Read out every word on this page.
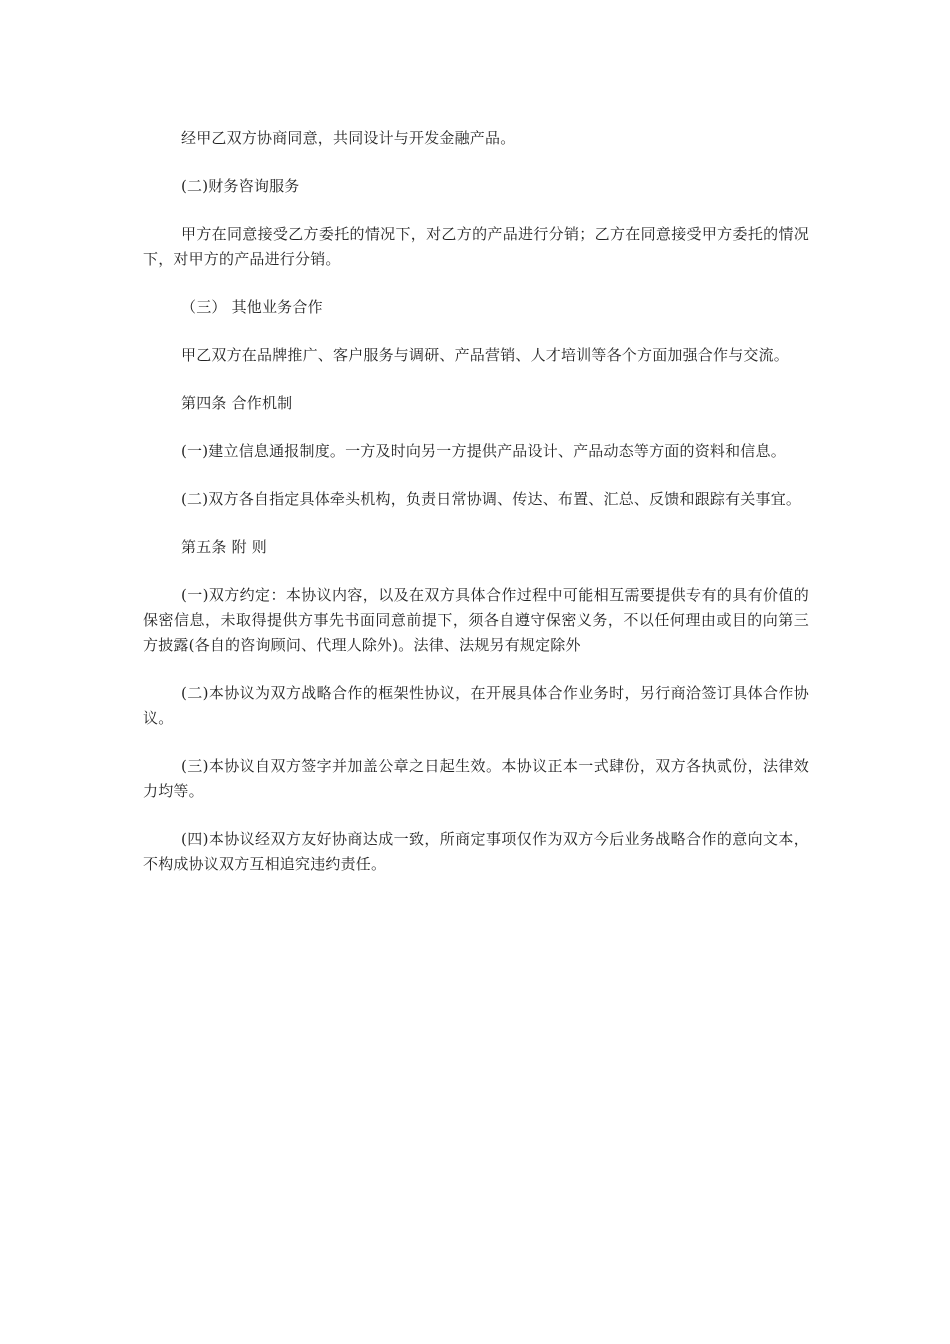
经甲乙双方协商同意，共同设计与开发金融产品。

(二)财务咨询服务

甲方在同意接受乙方委托的情况下，对乙方的产品进行分销；乙方在同意接受甲方委托的情况下，对甲方的产品进行分销。

（三） 其他业务合作

甲乙双方在品牌推广、客户服务与调研、产品营销、人才培训等各个方面加强合作与交流。

第四条 合作机制

(一)建立信息通报制度。一方及时向另一方提供产品设计、产品动态等方面的资料和信息。

(二)双方各自指定具体牵头机构，负责日常协调、传达、布置、汇总、反馈和跟踪有关事宜。

第五条 附 则

(一)双方约定：本协议内容，以及在双方具体合作过程中可能相互需要提供专有的具有价值的保密信息，未取得提供方事先书面同意前提下，须各自遵守保密义务，不以任何理由或目的向第三方披露(各自的咨询顾问、代理人除外)。法律、法规另有规定除外

(二)本协议为双方战略合作的框架性协议，在开展具体合作业务时，另行商洽签订具体合作协议。

(三)本协议自双方签字并加盖公章之日起生效。本协议正本一式肆份，双方各执贰份，法律效力均等。

(四)本协议经双方友好协商达成一致，所商定事项仅作为双方今后业务战略合作的意向文本，不构成协议双方互相追究违约责任。
